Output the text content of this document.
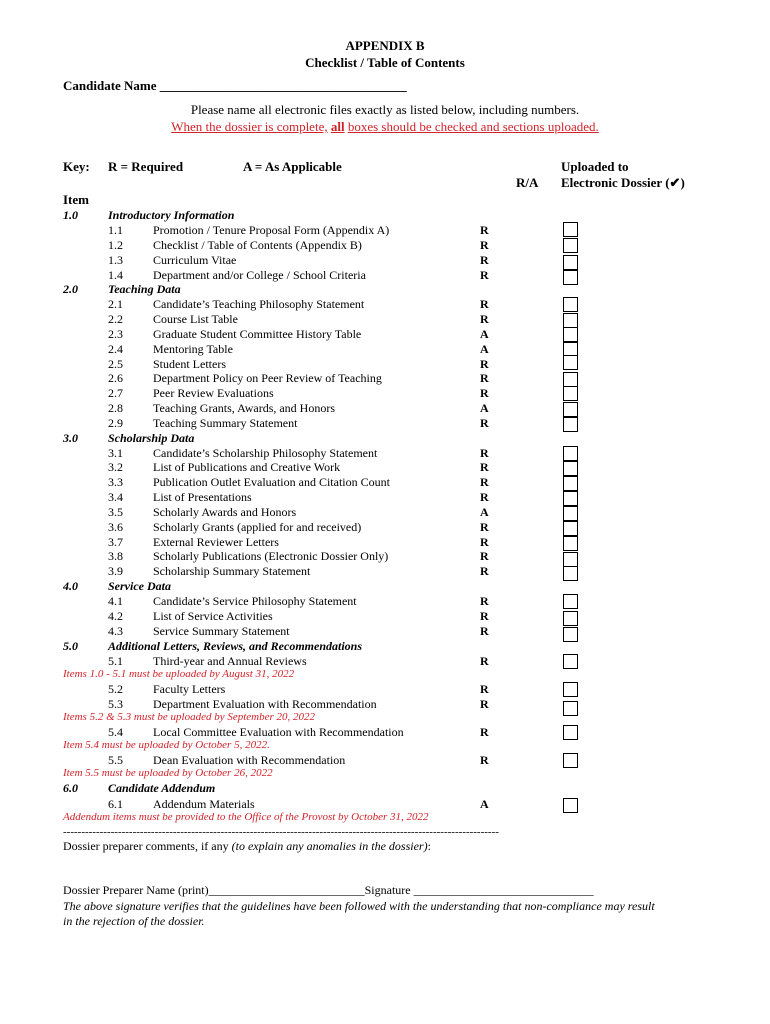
APPENDIX B
Checklist / Table of Contents
Candidate Name ______________________________________
Please name all electronic files exactly as listed below, including numbers.
When the dossier is complete, all boxes should be checked and sections uploaded.
Key: R = Required	A = As Applicable	Uploaded to
R/A Electronic Dossier (✔)
Item
1.0	Introductory Information
1.1	Promotion / Tenure Proposal Form (Appendix A)	R
1.2	Checklist / Table of Contents (Appendix B)	R
1.3	Curriculum Vitae	R
1.4	Department and/or College / School Criteria	R
2.0	Teaching Data
2.1	Candidate’s Teaching Philosophy Statement	R
2.2	Course List Table	R
2.3	Graduate Student Committee History Table	A
2.4	Mentoring Table	A
2.5	Student Letters	R
2.6	Department Policy on Peer Review of Teaching	R
2.7	Peer Review Evaluations	R
2.8	Teaching Grants, Awards, and Honors	A
2.9	Teaching Summary Statement	R
3.0	Scholarship Data
3.1	Candidate’s Scholarship Philosophy Statement	R
3.2	List of Publications and Creative Work	R
3.3	Publication Outlet Evaluation and Citation Count	R
3.4	List of Presentations	R
3.5	Scholarly Awards and Honors	A
3.6	Scholarly Grants (applied for and received)	R
3.7	External Reviewer Letters	R
3.8	Scholarly Publications (Electronic Dossier Only)	R
3.9	Scholarship Summary Statement	R
4.0	Service Data
4.1	Candidate’s Service Philosophy Statement	R
4.2	List of Service Activities	R
4.3	Service Summary Statement	R
5.0	Additional Letters, Reviews, and Recommendations
5.1	Third-year and Annual Reviews	R
Items 1.0 - 5.1 must be uploaded by August 31, 2022
5.2	Faculty Letters	R
5.3	Department Evaluation with Recommendation	R
Items 5.2 & 5.3 must be uploaded by September 20, 2022
5.4	Local Committee Evaluation with Recommendation	R
Item 5.4 must be uploaded by October 5, 2022.
5.5	Dean Evaluation with Recommendation	R
Item 5.5 must be uploaded by October 26, 2022
6.0	Candidate Addendum
6.1	Addendum Materials	A
Addendum items must be provided to the Office of the Provost by October 31, 2022
-----------------------------------------------------------------------------------------------------------------------
Dossier preparer comments, if any (to explain any anomalies in the dossier):
Dossier Preparer Name (print)__________________________Signature ______________________________
The above signature verifies that the guidelines have been followed with the understanding that non-compliance may result
in the rejection of the dossier.
